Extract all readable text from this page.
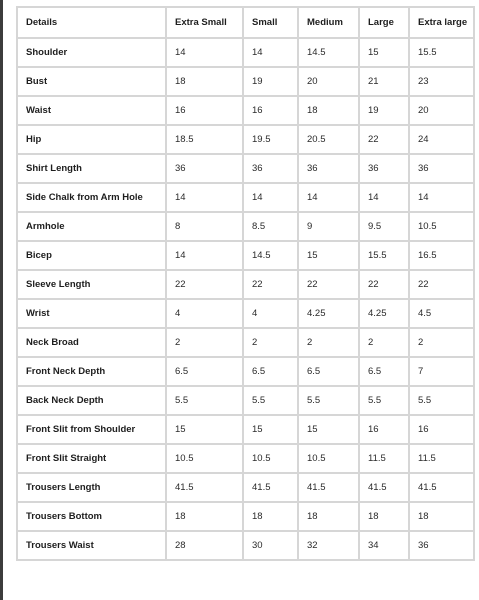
Details	Extra Small	Small	Medium	Large	Extra large
Shoulder	14	14	14.5	15	15.5
Bust	18	19	20	21	23
Waist	16	16	18	19	20
Hip	18.5	19.5	20.5	22	24
Shirt Length	36	36	36	36	36
Side Chalk from Arm Hole	14	14	14	14	14
Armhole	8	8.5	9	9.5	10.5
Bicep	14	14.5	15	15.5	16.5
Sleeve Length	22	22	22	22	22
Wrist	4	4	4.25	4.25	4.5
Neck Broad	2	2	2	2	2
Front Neck Depth	6.5	6.5	6.5	6.5	7
Back Neck Depth	5.5	5.5	5.5	5.5	5.5
Front Slit from Shoulder	15	15	15	16	16
Front Slit Straight	10.5	10.5	10.5	11.5	11.5
Trousers Length	41.5	41.5	41.5	41.5	41.5
Trousers Bottom	18	18	18	18	18
Trousers Waist	28	30	32	34	36
